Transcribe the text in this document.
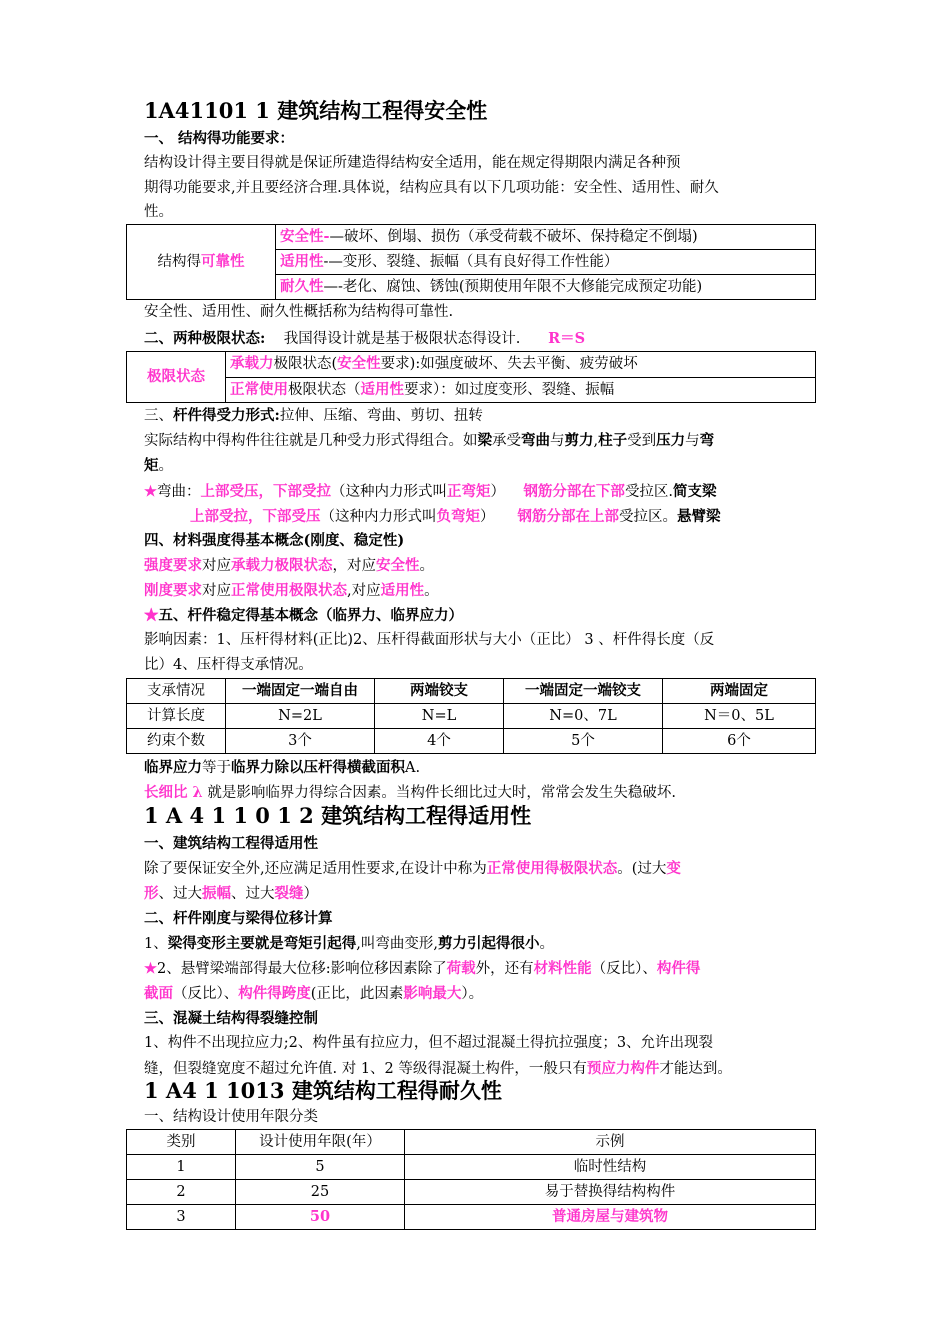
1A41101 1 建筑结构工程得安全性
一、 结构得功能要求：
结构设计得主要目得就是保证所建造得结构安全适用，能在规定得期限内满足各种预
期得功能要求,并且要经济合理.具体说，结构应具有以下几项功能：安全性、适用性、耐久
性。
结构得可靠性	安全性-—破坏、倒塌、损伤（承受荷载不破坏、保持稳定不倒塌)
适用性-—变形、裂缝、振幅（具有良好得工作性能）
耐久性—-老化、腐蚀、锈蚀(预期使用年限不大修能完成预定功能)
安全性、适用性、耐久性概括称为结构得可靠性.
二、两种极限状态: 我国得设计就是基于极限状态得设计. R＝S
极限状态	承载力极限状态(安全性要求):如强度破坏、失去平衡、疲劳破坏
正常使用极限状态（适用性要求）：如过度变形、裂缝、振幅
三、杆件得受力形式:拉伸、压缩、弯曲、剪切、扭转
实际结构中得构件往往就是几种受力形式得组合。如梁承受弯曲与剪力,柱子受到压力与弯
矩。
★弯曲：上部受压，下部受拉（这种内力形式叫正弯矩） 钢筋分部在下部受拉区.简支梁
上部受拉，下部受压（这种内力形式叫负弯矩） 钢筋分部在上部受拉区。悬臂梁
四、材料强度得基本概念(刚度、稳定性)
强度要求对应承载力极限状态，对应安全性。
刚度要求对应正常使用极限状态,对应适用性。
★五、杆件稳定得基本概念（临界力、临界应力）
影响因素：1、压杆得材料(正比)2、压杆得截面形状与大小（正比） 3 、杆件得长度（反
比）4、压杆得支承情况。
支承情况	一端固定一端自由	两端铰支	一端固定一端铰支	两端固定
计算长度	N=2L	N=L	N=0、7L	N＝0、5L
约束个数	3个	4个	5个	6个
临界应力等于临界力除以压杆得横截面积A.
长细比 λ 就是影响临界力得综合因素。当构件长细比过大时，常常会发生失稳破坏.
1 A 4 1 1 0 1 2 建筑结构工程得适用性
一、建筑结构工程得适用性
除了要保证安全外,还应满足适用性要求,在设计中称为正常使用得极限状态。(过大变
形、过大振幅、过大裂缝）
二、杆件刚度与梁得位移计算
1、梁得变形主要就是弯矩引起得,叫弯曲变形,剪力引起得很小。
★2、悬臂梁端部得最大位移:影响位移因素除了荷载外，还有材料性能（反比）、构件得
截面（反比）、构件得跨度(正比，此因素影响最大）。
三、混凝土结构得裂缝控制
1、构件不出现拉应力;2、构件虽有拉应力，但不超过混凝土得抗拉强度；3、允许出现裂
缝，但裂缝宽度不超过允许值. 对 1、2 等级得混凝土构件，一般只有预应力构件才能达到。
1 A4 1 1013 建筑结构工程得耐久性
一、结构设计使用年限分类
类别	设计使用年限(年）	示例
1	5	临时性结构
2	25	易于替换得结构构件
3	50	普通房屋与建筑物
